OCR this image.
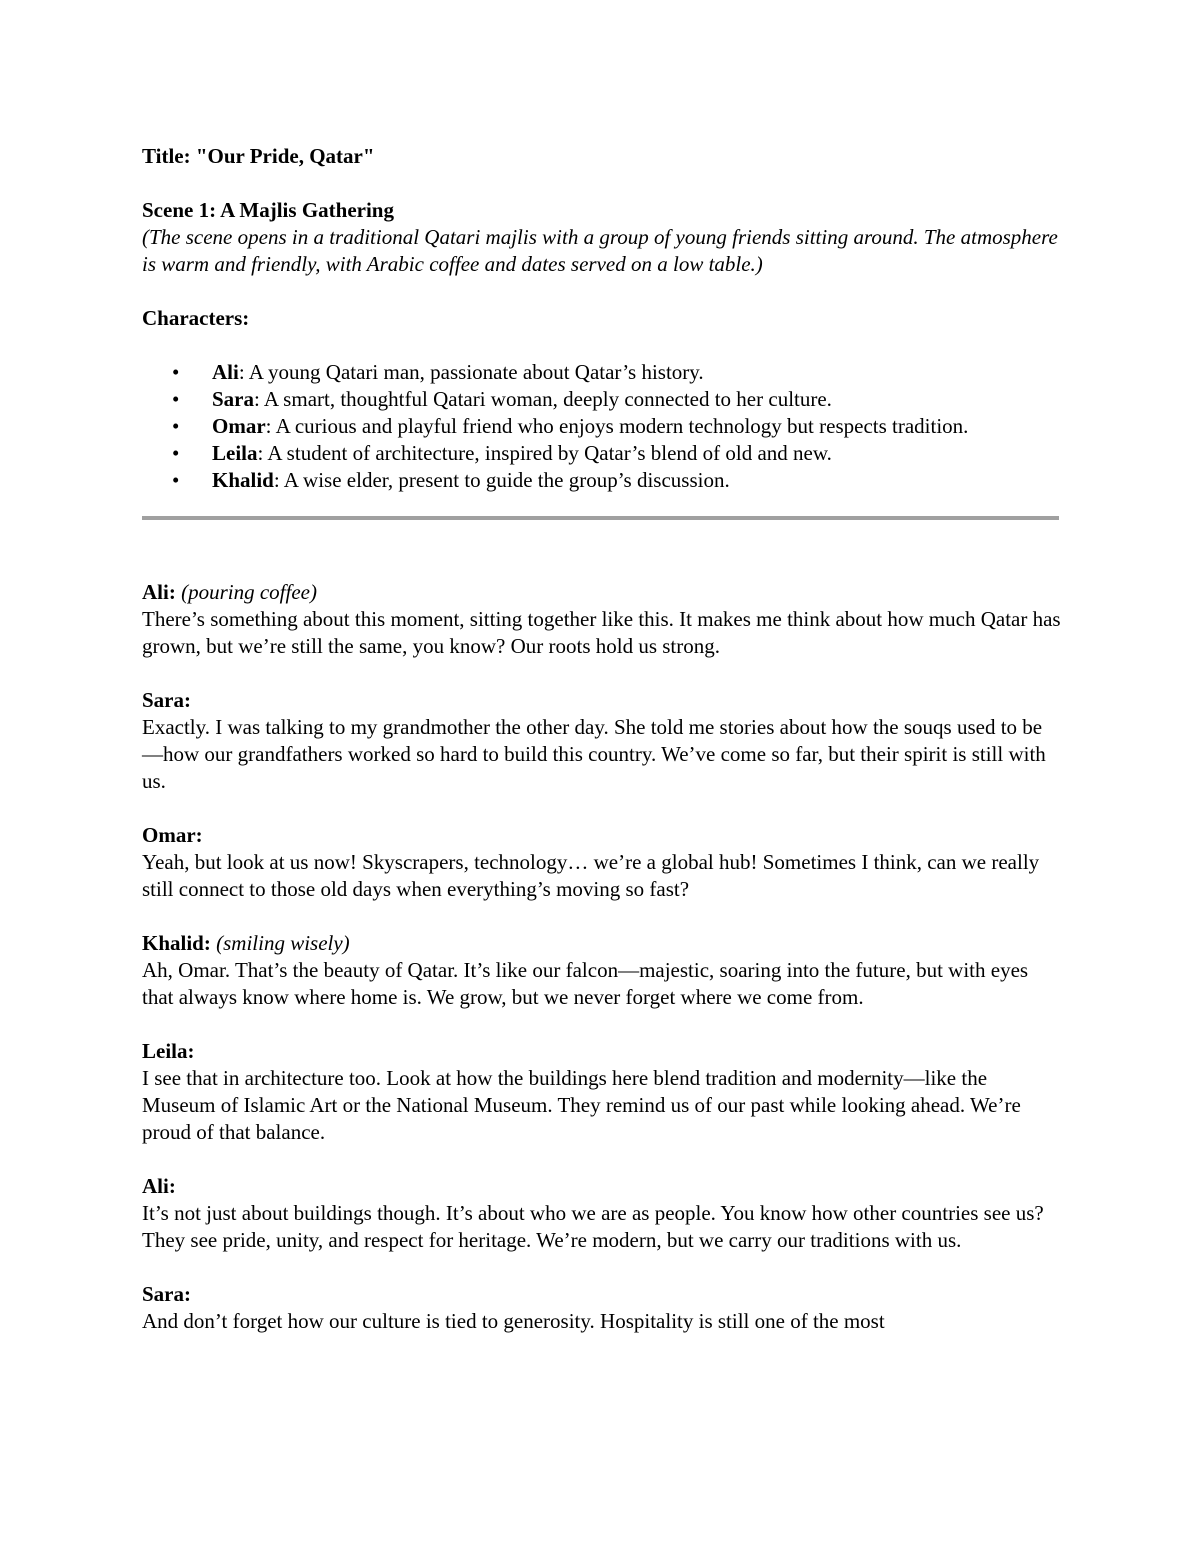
Title: "Our Pride, Qatar"

Scene 1: A Majlis Gathering

(The scene opens in a traditional Qatari majlis with a group of young friends sitting around. The atmosphere is warm and friendly, with Arabic coffee and dates served on a low table.)

Characters:

• Ali: A young Qatari man, passionate about Qatar’s history.
• Sara: A smart, thoughtful Qatari woman, deeply connected to her culture.
• Omar: A curious and playful friend who enjoys modern technology but respects tradition.
• Leila: A student of architecture, inspired by Qatar’s blend of old and new.
• Khalid: A wise elder, present to guide the group’s discussion.
Ali: (pouring coffee)

There’s something about this moment, sitting together like this. It makes me think about how much Qatar has grown, but we’re still the same, you know? Our roots hold us strong.

Sara:

Exactly. I was talking to my grandmother the other day. She told me stories about how the souqs used to be—how our grandfathers worked so hard to build this country. We’ve come so far, but their spirit is still with us.

Omar:

Yeah, but look at us now! Skyscrapers, technology… we’re a global hub! Sometimes I think, can we really still connect to those old days when everything’s moving so fast?

Khalid: (smiling wisely)

Ah, Omar. That’s the beauty of Qatar. It’s like our falcon—majestic, soaring into the future, but with eyes that always know where home is. We grow, but we never forget where we come from.

Leila:

I see that in architecture too. Look at how the buildings here blend tradition and modernity—like the Museum of Islamic Art or the National Museum. They remind us of our past while looking ahead. We’re proud of that balance.

Ali:

It’s not just about buildings though. It’s about who we are as people. You know how other countries see us? They see pride, unity, and respect for heritage. We’re modern, but we carry our traditions with us.

Sara:

And don’t forget how our culture is tied to generosity. Hospitality is still one of the most
